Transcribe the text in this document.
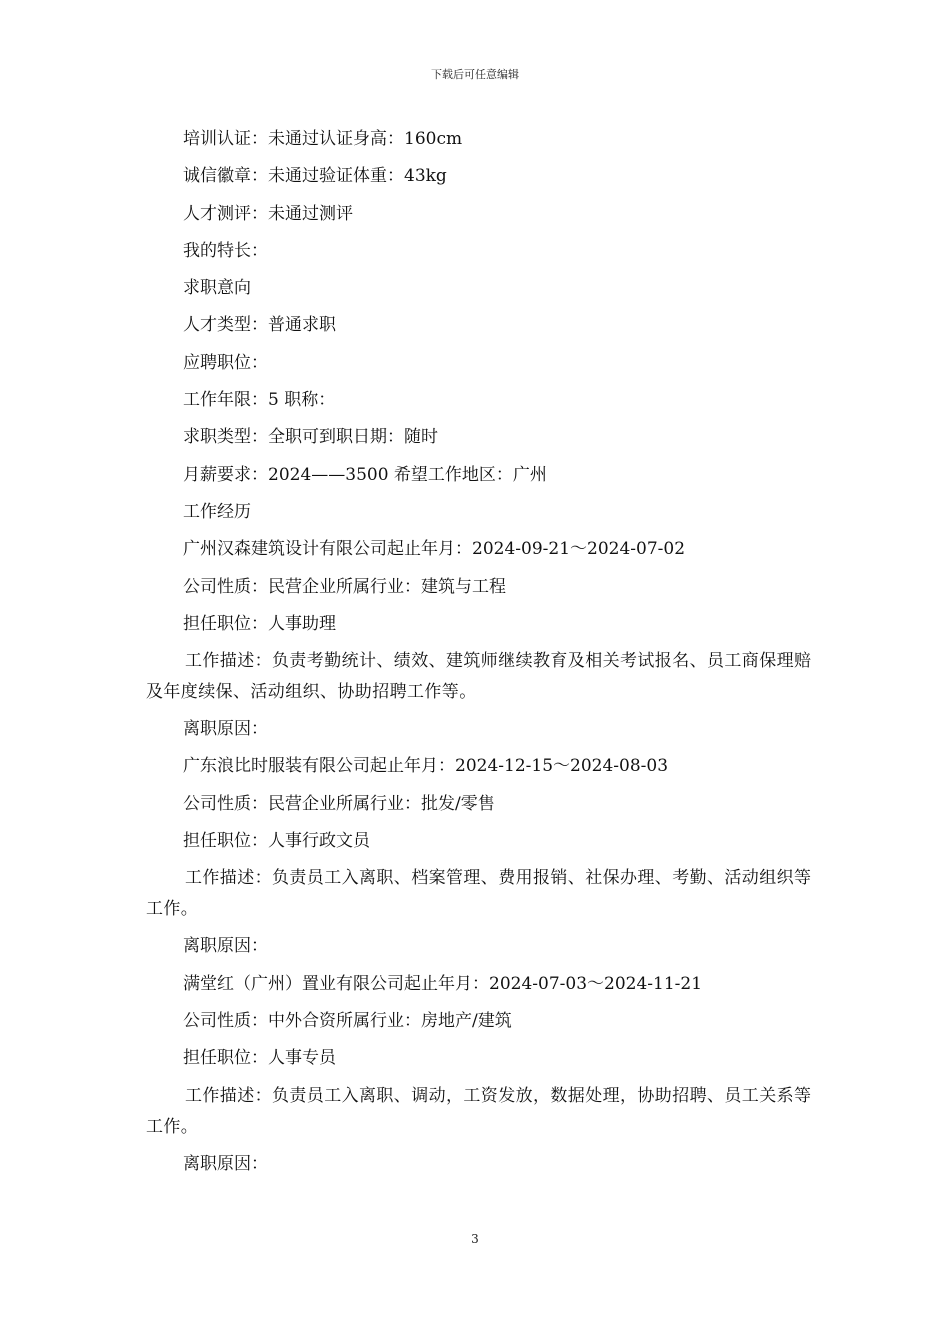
下载后可任意编辑
培训认证：未通过认证身高：160cm
诚信徽章：未通过验证体重：43kg
人才测评：未通过测评
我的特长：
求职意向
人才类型：普通求职
应聘职位：
工作年限：5 职称：
求职类型：全职可到职日期：随时
月薪要求：2024——3500 希望工作地区：广州
工作经历
广州汉森建筑设计有限公司起止年月：2024-09-21～2024-07-02
公司性质：民营企业所属行业：建筑与工程
担任职位：人事助理
工作描述：负责考勤统计、绩效、建筑师继续教育及相关考试报名、员工商保理赔及年度续保、活动组织、协助招聘工作等。
离职原因：
广东浪比时服装有限公司起止年月：2024-12-15～2024-08-03
公司性质：民营企业所属行业：批发/零售
担任职位：人事行政文员
工作描述：负责员工入离职、档案管理、费用报销、社保办理、考勤、活动组织等工作。
离职原因：
满堂红（广州）置业有限公司起止年月：2024-07-03～2024-11-21
公司性质：中外合资所属行业：房地产/建筑
担任职位：人事专员
工作描述：负责员工入离职、调动，工资发放，数据处理，协助招聘、员工关系等工作。
离职原因：
3
